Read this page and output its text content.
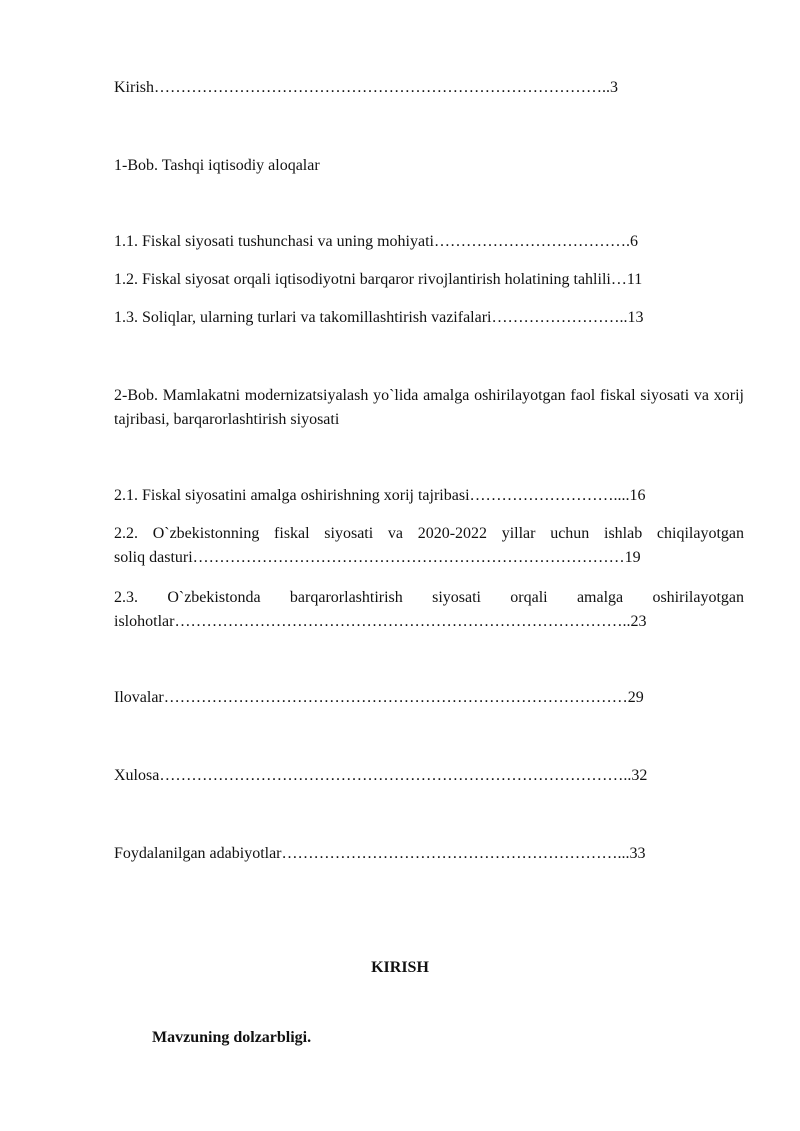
Kirish…………………………………………………………………………..3

1-Bob. Tashqi iqtisodiy aloqalar

1.1. Fiskal siyosati tushunchasi va uning mohiyati……………………………….6

1.2. Fiskal siyosat orqali iqtisodiyotni barqaror rivojlantirish holatining tahlili…11

1.3. Soliqlar, ularning turlari va takomillashtirish vazifalari……………………..13

2-Bob. Mamlakatni modernizatsiyalash yo`lida amalga oshirilayotgan faol fiskal siyosati va xorij tajribasi, barqarorlashtirish siyosati

2.1. Fiskal siyosatini amalga oshirishning xorij tajribasi………………………....16

2.2. O`zbekistonning fiskal siyosati va 2020-2022 yillar uchun ishlab chiqilayotgan

soliq dasturi………………………………………………………………………19

2.3. O`zbekistonda barqarorlashtirish siyosati orqali amalga oshirilayotgan

islohotlar…………………………………………………………………………..23

Ilovalar……………………………………………………………………………29

Xulosa……………………………………………………………………………..32

Foydalanilgan adabiyotlar………………………………………………………...33

KIRISH
Mavzuning dolzarbligi.
